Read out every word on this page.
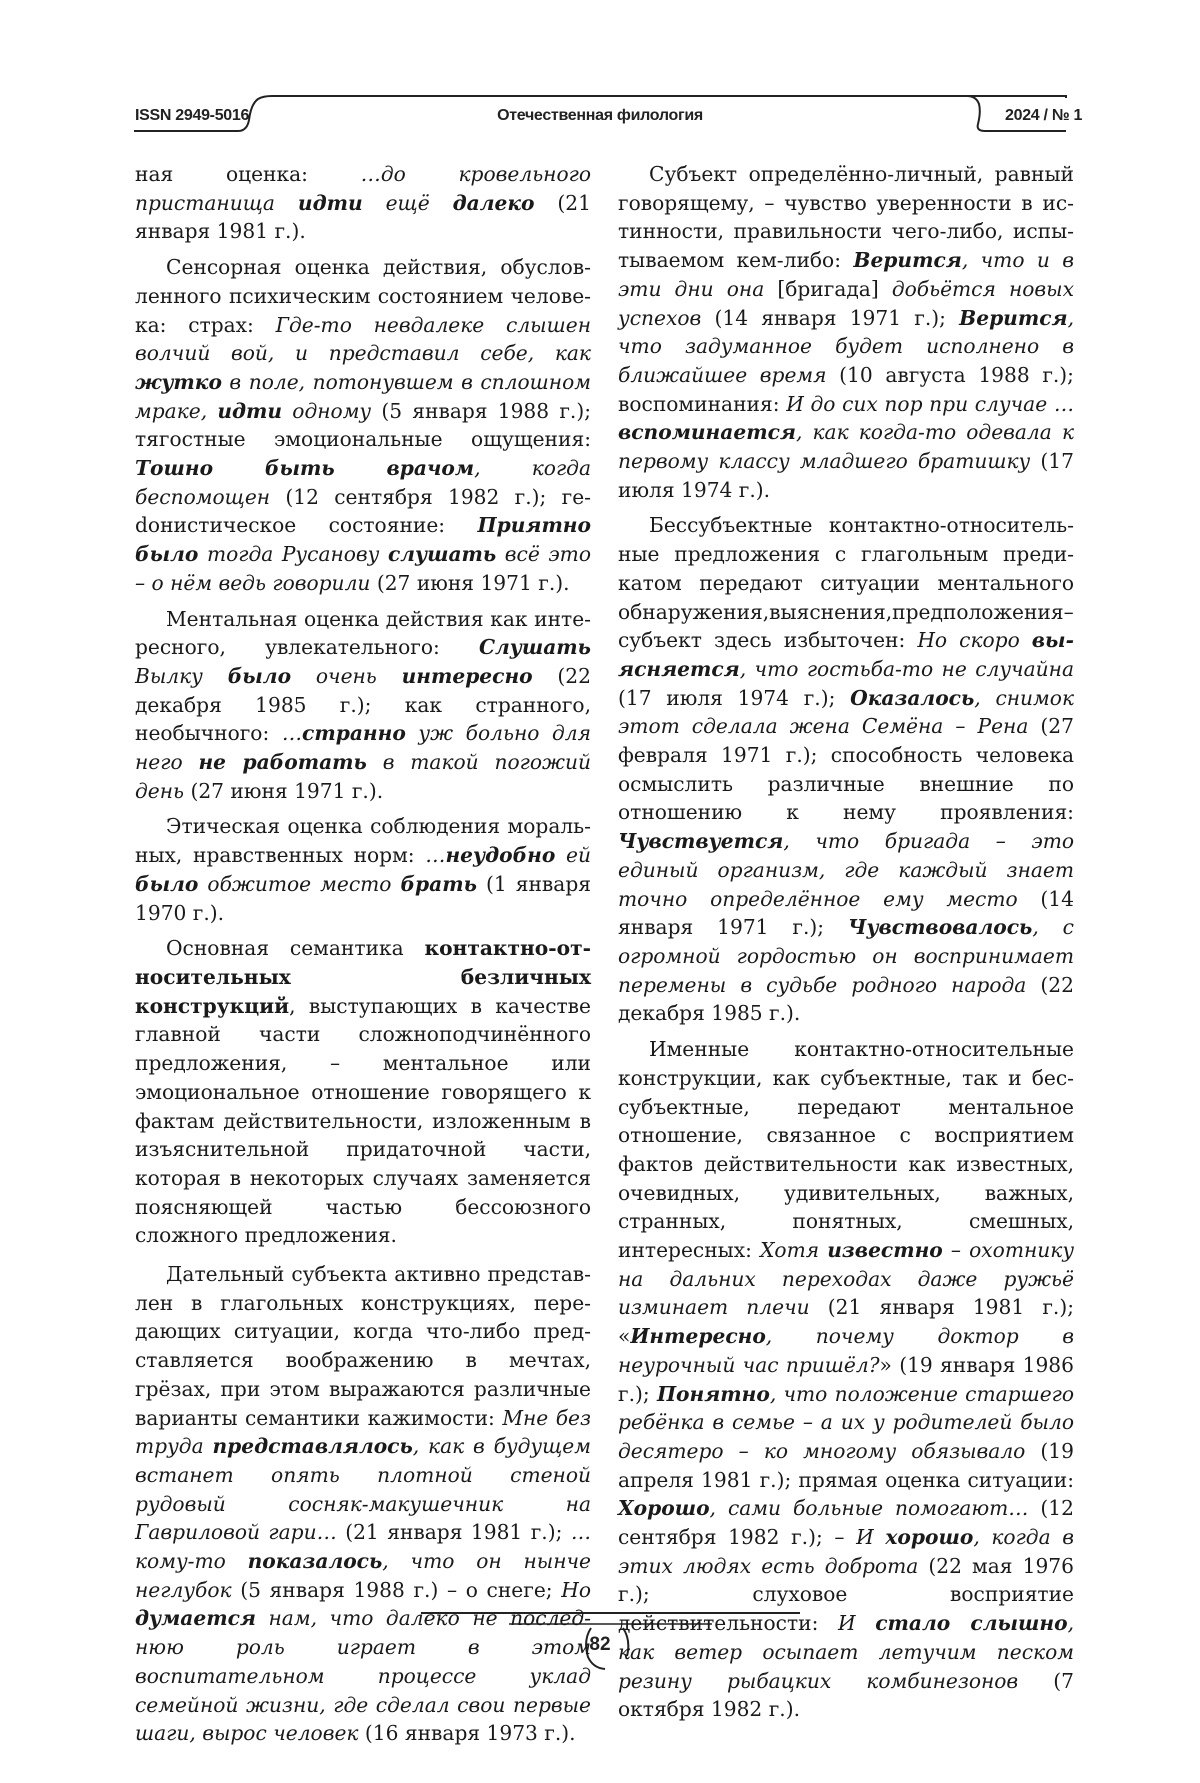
ISSN 2949-5016	Отечественная филология	2024 / № 1
82

ная оценка: …до кровельного пристанища идти ещё далеко (21 января 1981 г.).

Сенсорная оценка действия, обусловленного психическим состоянием человека: страх: Где-то невдалеке слышен волчий вой, и представил себе, как жутко в поле, потонувшем в сплошном мраке, идти одному (5 января 1988 г.); тягостные эмоциональные ощущения: Тошно быть врачом, когда беспомощен (12 сентября 1982 г.); геdонистическое состояние: Приятно было тогда Русанову слушать всё это – о нём ведь говорили (27 июня 1971 г.).

Ментальная оценка действия как интересного, увлекательного: Слушать Вылку было очень интересно (22 декабря 1985 г.); как странного, необычного: …странно уж больно для него не работать в такой погожий день (27 июня 1971 г.).

Этическая оценка соблюдения моральных, нравственных норм: …неудобно ей было обжитое место брать (1 января 1970 г.).

Основная семантика контактно-относительных безличных конструкций, выступающих в качестве главной части сложноподчинённого предложения, – ментальное или эмоциональное отношение говорящего к фактам действительности, изложенным в изъяснительной придаточной части, которая в некоторых случаях заменяется поясняющей частью бессоюзного сложного предложения.

Дательный субъекта активно представлен в глагольных конструкциях, передающих ситуации, когда что-либо представляется воображению в мечтах, грёзах, при этом выражаются различные варианты семантики кажимости: Мне без труда представлялось, как в будущем встанет опять плотной стеной рудовый сосняк-макушечник на Гавриловой гари… (21 января 1981 г.); …кому-то показалось, что он нынче неглубок (5 января 1988 г.) – о снеге; Но думается нам, что далеко не последнюю роль играет в этом воспитательном процессе уклад семейной жизни, где сделал свои первые шаги, вырос человек (16 января 1973 г.).

Субъект определённо-личный, равный говорящему, – чувство уверенности в истинности, правильности чего-либо, испытываемом кем-либо: Верится, что и в эти дни она [бригада] добьётся новых успехов (14 января 1971 г.); Верится, что задуманное будет исполнено в ближайшее время (10 августа 1988 г.); воспоминания: И до сих пор при случае … вспоминается, как когда-то одевала к первому классу младшего братишку (17 июля 1974 г.).

Бессубъектные контактно-относительные предложения с глагольным предикатом передают ситуации ментального обнаружения,выяснения,предположения– субъект здесь избыточен: Но скоро выясняется, что гостьба-то не случайна (17 июля 1974 г.); Оказалось, снимок этот сделала жена Семёна – Рена (27 февраля 1971 г.); способность человека осмыслить различные внешние по отношению к нему проявления: Чувствуется, что бригада – это единый организм, где каждый знает точно определённое ему место (14 января 1971 г.); Чувствовалось, с огромной гордостью он воспринимает перемены в судьбе родного народа (22 декабря 1985 г.).

Именные контактно-относительные конструкции, как субъектные, так и бессубъектные, передают ментальное отношение, связанное с восприятием фактов действительности как известных, очевидных, удивительных, важных, странных, понятных, смешных, интересных: Хотя известно – охотнику на дальних переходах даже ружьё изминает плечи (21 января 1981 г.); «Интересно, почему доктор в неурочный час пришёл?» (19 января 1986 г.); Понятно, что положение старшего ребёнка в семье – а их у родителей было десятеро – ко многому обязывало (19 апреля 1981 г.); прямая оценка ситуации: Хорошо, сами больные помогают… (12 сентября 1982 г.); – И хорошо, когда в этих людях есть доброта (22 мая 1976 г.); слуховое восприятие действительности: И стало слышно, как ветер осыпает летучим песком резину рыбацких комбинезонов (7 октября 1982 г.).
